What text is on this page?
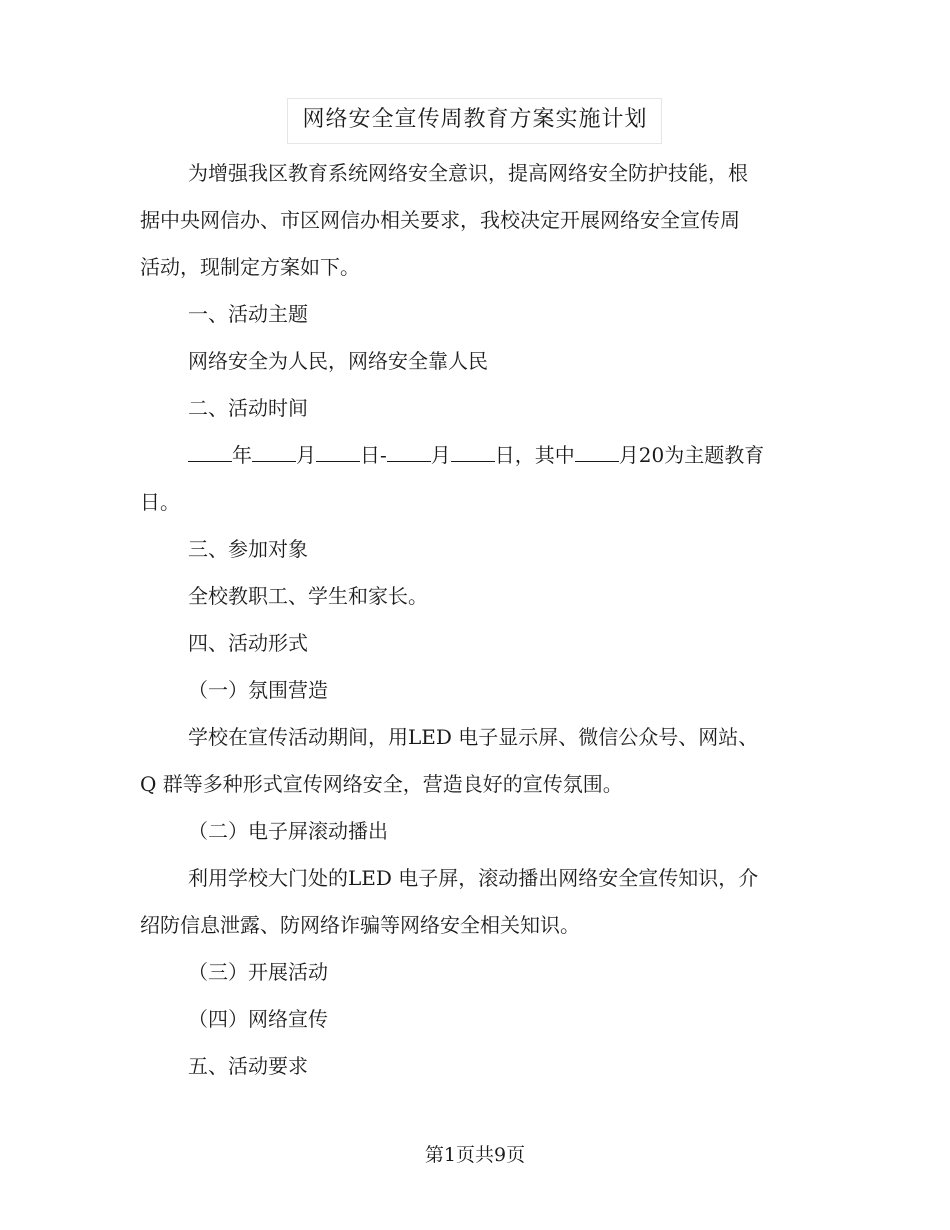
网络安全宣传周教育方案实施计划

为增强我区教育系统网络安全意识，提高网络安全防护技能，根

据中央网信办、市区网信办相关要求，我校决定开展网络安全宣传周

活动，现制定方案如下。

一、活动主题

网络安全为人民，网络安全靠人民

二、活动时间

年 月 日- 月 日，其中 月20为主题教育

日。

三、参加对象

全校教职工、学生和家长。

四、活动形式

（一）氛围营造

学校在宣传活动期间，用LED 电子显示屏、微信公众号、网站、

Q 群等多种形式宣传网络安全，营造良好的宣传氛围。

（二）电子屏滚动播出

利用学校大门处的LED 电子屏，滚动播出网络安全宣传知识，介

绍防信息泄露、防网络诈骗等网络安全相关知识。

（三）开展活动

（四）网络宣传

五、活动要求

第1页共9页
